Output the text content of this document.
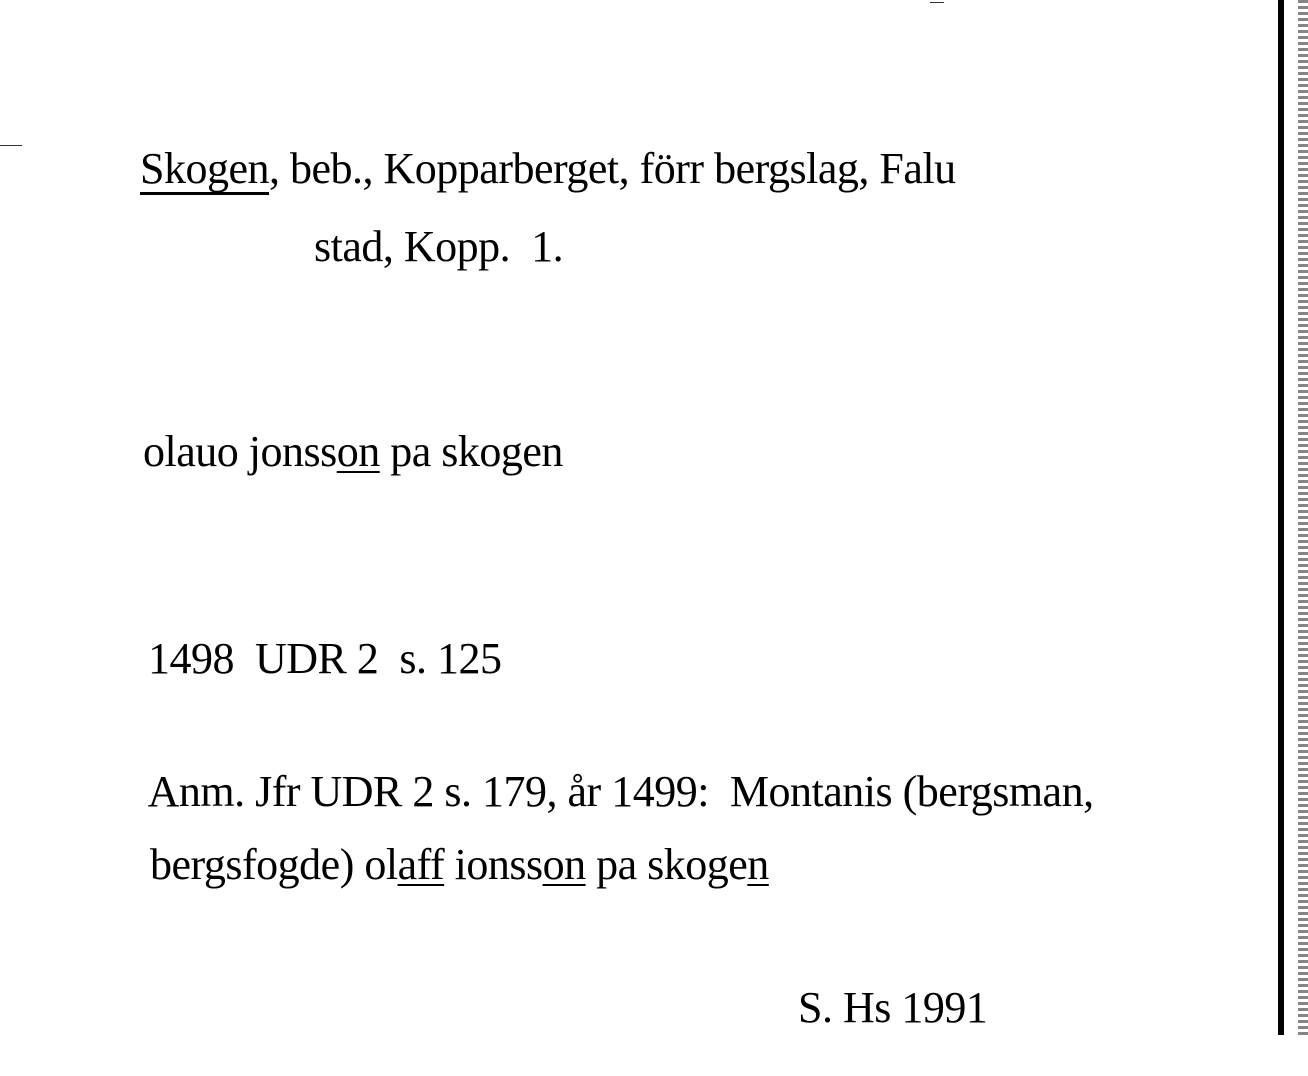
Skogen, beb., Kopparberget, förr bergslag, Falu

stad, Kopp.  1.

olauo jonsson pa skogen

1498  UDR 2  s. 125

Anm. Jfr UDR 2 s. 179, år 1499:  Montanis (bergsman,

bergsfogde) olaff ionsson pa skogen

S. Hs 1991
